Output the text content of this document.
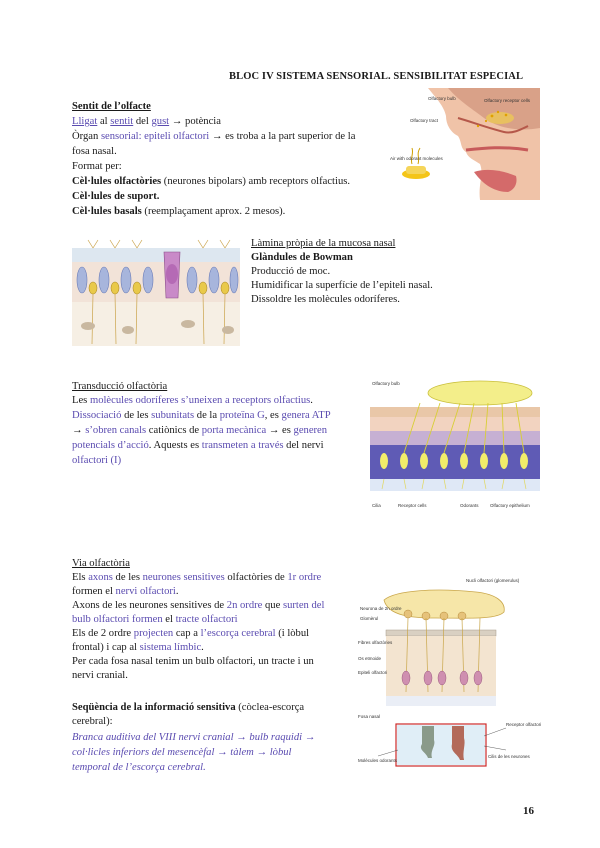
BLOC IV SISTEMA SENSORIAL. SENSIBILITAT ESPECIAL
Sentit de l’olfacte
Lligat al sentit del gust → potència
Òrgan sensorial: epiteli olfactori → es troba a la part superior de la
fosa nasal.
Format per:
Cèl·lules olfactòries (neurones bipolars) amb receptors olfactius.
Cèl·lules de suport.
Cèl·lules basals (reemplaçament aprox. 2 mesos).
Olfactory bulb	Olfactory receptor cells
Olfactory tract
Air with odorant molecules
Làmina pròpia de la mucosa nasal
Glàndules de Bowman
Producció de moc.
Humidificar la superfície de l’epiteli nasal.
Dissoldre les molècules odoríferes.
Transducció olfactòria
Les molècules odoríferes s’uneixen a receptors olfactius.
Dissociació de les subunitats de la proteïna G, es genera ATP
→ s’obren canals catiònics de porta mecànica → es generen
potencials d’acció. Aquests es transmeten a través del nervi
olfactori (I)
Olfactory bulb
Cilia	Receptor cells	Odorants	Olfactory epithelium
Via olfactòria
Els axons de les neurones sensitives olfactòries de 1r ordre
formen el nervi olfactori.
Axons de les neurones sensitives de 2n ordre que surten del
bulb olfactori formen el tracte olfactori
Els de 2 ordre projecten cap a l’escorça cerebral (i lòbul
frontal) i cap al sistema límbic.
Per cada fosa nasal tenim un bulb olfactori, un tracte i un
nervi cranial.
Seqüència de la informació sensitiva (còclea-escorça
cerebral):
Branca auditiva del VIII nervi cranial → bulb raquidi →
col·licles inferiors del mesencèfal → tàlem → lòbul
temporal de l’escorça cerebral.
Nucli olfactori (glomerulus)
Neurona de 2n ordre
Glomèrul
Fibres olfactòries
Os etmoide
Epiteli olfactori
Fosa nasal
Receptor olfactori
Molècules odorants
Cilis de les neurones
16
